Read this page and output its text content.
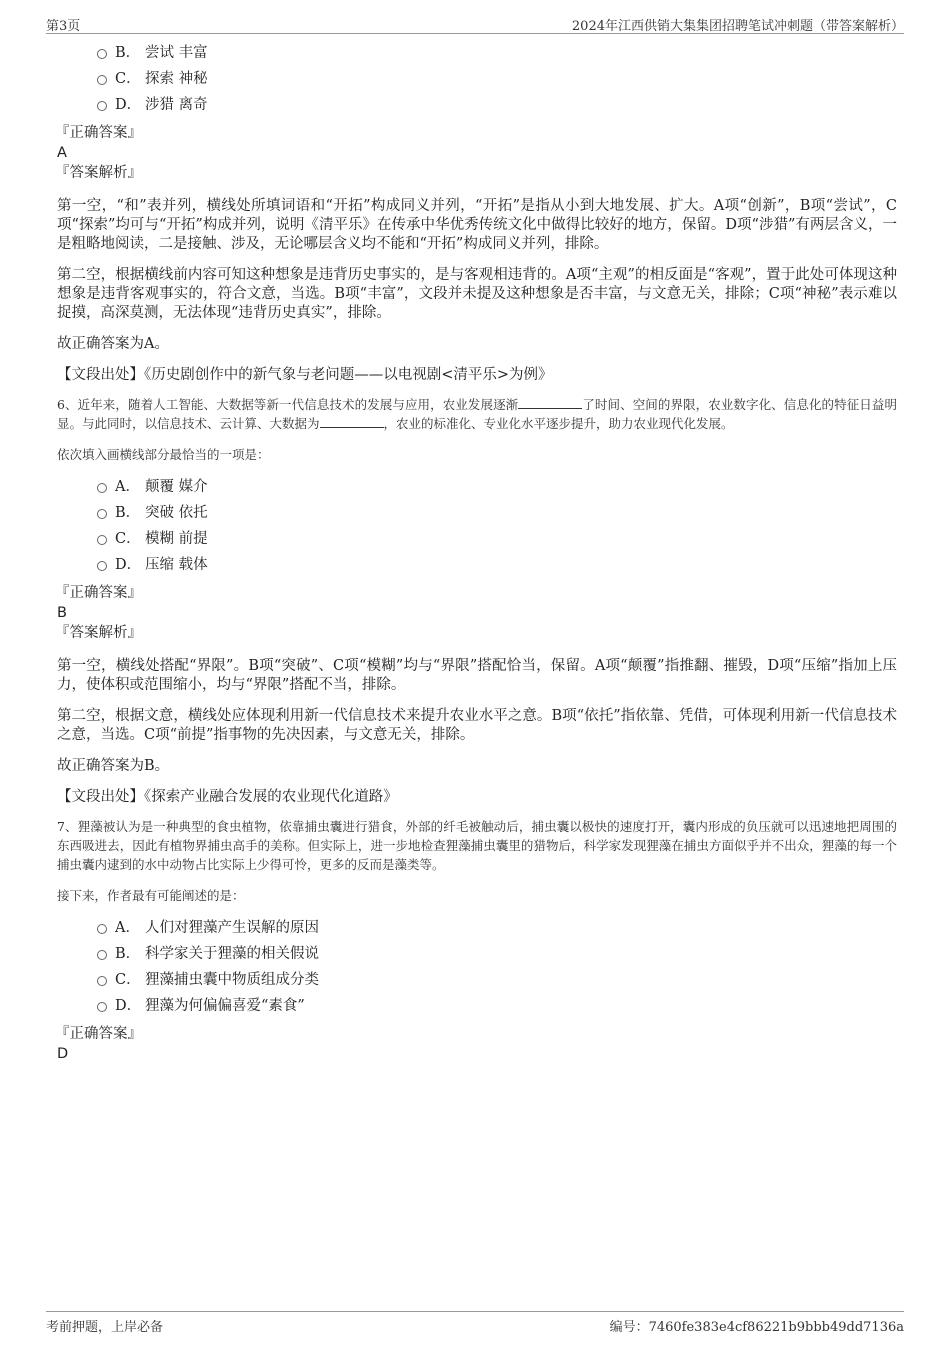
第3页	2024年江西供销大集集团招聘笔试冲刺题（带答案解析）
B． 尝试 丰富
C． 探索 神秘
D． 涉猎 离奇
『正确答案』
A
『答案解析』

第一空，“和”表并列，横线处所填词语和“开拓”构成同义并列，“开拓”是指从小到大地发展、扩大。A项“创新”，B项“尝试”，C项“探索”均可与“开拓”构成并列，说明《清平乐》在传承中华优秀传统文化中做得比较好的地方，保留。D项“涉猎”有两层含义，一是粗略地阅读，二是接触、涉及，无论哪层含义均不能和“开拓”构成同义并列，排除。

第二空，根据横线前内容可知这种想象是违背历史事实的，是与客观相违背的。A项“主观”的相反面是“客观”，置于此处可体现这种想象是违背客观事实的，符合文意，当选。B项“丰富”，文段并未提及这种想象是否丰富，与文意无关，排除；C项“神秘”表示难以捉摸，高深莫测，无法体现“违背历史真实”，排除。

故正确答案为A。

【文段出处】《历史剧创作中的新气象与老问题——以电视剧<清平乐>为例》

6、近年来，随着人工智能、大数据等新一代信息技术的发展与应用，农业发展逐渐	了时间、空间的界限，农业数字化、信息化的特征日益明显。与此同时，以信息技术、云计算、大数据为	，农业的标准化、专业化水平逐步提升，助力农业现代化发展。

依次填入画横线部分最恰当的一项是：

A． 颠覆 媒介
B． 突破 依托
C． 模糊 前提
D． 压缩 载体
『正确答案』
B
『答案解析』

第一空，横线处搭配“界限”。B项“突破”、C项“模糊”均与“界限”搭配恰当，保留。A项“颠覆”指推翻、摧毁，D项“压缩”指加上压力，使体积或范围缩小，均与“界限”搭配不当，排除。

第二空，根据文意，横线处应体现利用新一代信息技术来提升农业水平之意。B项“依托”指依靠、凭借，可体现利用新一代信息技术之意，当选。C项“前提”指事物的先决因素，与文意无关，排除。

故正确答案为B。

【文段出处】《探索产业融合发展的农业现代化道路》

7、狸藻被认为是一种典型的食虫植物，依靠捕虫囊进行猎食，外部的纤毛被触动后，捕虫囊以极快的速度打开，囊内形成的负压就可以迅速地把周围的东西吸进去，因此有植物界捕虫高手的美称。但实际上，进一步地检查狸藻捕虫囊里的猎物后，科学家发现狸藻在捕虫方面似乎并不出众，狸藻的每一个捕虫囊内逮到的水中动物占比实际上少得可怜，更多的反而是藻类等。

接下来，作者最有可能阐述的是：

A． 人们对狸藻产生误解的原因
B． 科学家关于狸藻的相关假说
C． 狸藻捕虫囊中物质组成分类
D． 狸藻为何偏偏喜爱“素食”
『正确答案』
D
考前押题，上岸必备	编号：7460fe383e4cf86221b9bbb49dd7136a
